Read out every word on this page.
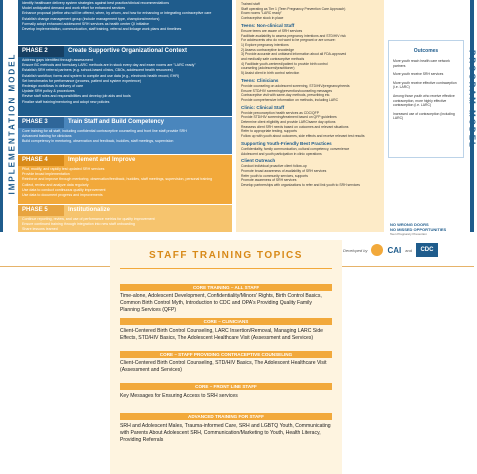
IMPLEMENTATION MODEL	PROGRAM MODEL
Identify healthcare delivery system strategies against best practice/clinical recommendations
Model anticipated demand and work effort for enhanced services
Enhance proposal (define who will be offered, when, by whom, and how for enhancing or integrating contraceptive care
Establish change management group (include management type, champions/mentors)
Formally adopt enhanced adolescent SRH services as health center QI initiative
Develop implementation, communication, staff training, referral and linkage work plans and timelines
PHASE 2	Create Supportive Organizational Context
Address gaps identified through assessment
Ensure BC methods and formulary LARC methods are in stock every day and exam rooms are "LARC ready"
Establish SRH referral partners (e.g. school-based clinics, CBOs, adolescent health resources)
Establish workflow, forms and system to compile and use data (e.g., electronic health record, EHR)
Set benchmarks for performance (process, patient and system experience)
Redesign workflows in delivery of care
Update SRH policy & procedures
Revise staff roles and responsibilities and develop job aids and tools
Finalize staff training/mentoring and adopt new policies
PHASE 3	Train Staff and Build Competency
Core training for all staff, including confidential contraceptive counseling and front line staff provide SRH
Advanced training for clinicians
Build competency in mentoring, observation and feedback, huddles, staff meetings, supervision
PHASE 4	Implement and Improve
Pilot, modify, and rapidly test updated SRH services
Provide broad implementation
Reinforce and improve through mentoring, observation/feedback, huddles, staff meetings, supervision, personal training
Collect, review and analyze data regularly
Use data to conduct continuous quality improvement
Use data to document progress and improvements
PHASE 5	Institutionalize
Continue reporting, review, and use of performance metrics for quality improvement
Ensure continued training through integration into new staff onboarding
Share lessons learned
Trained staff
Staff operating as Tier 1 (Teen Pregnancy Prevention Care Approach)
Exam rooms "LARC ready"
Contraceptive stock in place
Teens: Non-clinical Staff
Ensure teens are aware of SRH services
Facilitate availability to assess pregnancy intentions and STD/HIV risk
For adolescents who do not want to be pregnant or are unsure:
1) Explore pregnancy intentions
2) Assess contraceptive knowledge
3) Provide accurate and unbiased information about all FDA-approved
and medically safe contraceptive methods
4) Facilitate youth-centered/patient to provide birth control
counseling (adolescent/practitioner)
5) Assist client in birth control selection
Teens: Clinicians
Provide counseling on adolescent screening, STD/HIV/pregnancy/needs
Ensure STD/HIV screening/prevention/counseling messages
Contraceptive visit with same-day methods, prescribing etc.
Provide comprehensive information on methods, including LARC
Clinic: Clinical Staff
Provide preconception health services as CDC/QFP
Provide STD/HIV screening/treatment based on QFP guidelines
Determine client eligibility and provide LARC/same day options
Reassess client SRH needs based on outcomes and relevant situations
Refer to appropriate testing, supports
Follow up with youth about outcomes, side effects and receive relevant test results
Supporting Youth-Friendly Best Practices
Confidentiality, family communication, cultural competency, convenience
Adolescent and youth participation in clinic operations
Client Outreach
Conduct individual proactive client follow-up
Promote broad awareness of availability of SRH services
Refer youth to community services, supports
Promote awareness of SRH services
Develop partnerships with organizations to refer and link youth to SRH services
Outcomes
More youth reach health care network partners
More youth receive SRH services
More youth receive effective contraception (i.e. LARC)
Among those youth who receive effective contraception, more highly effective contraception (i.e. LARC)
Increased use of contraception (including LARC)
NO WRONG DOORS
NO MISSED OPPORTUNITIES
Teen Pregnancy Prevention
Developed by	CAI and	CDC
STAFF TRAINING TOPICS
CORE TRAINING – ALL STAFF
Time-alone, Adolescent Development, Confidentiality/Minors' Rights, Birth Control Basics, Common Birth Control Myth, Introduction to CDC and OPA's Providing Quality Family Planning Services (QFP)
CORE – CLINICIANS
Client-Centered Birth Control Counseling, LARC Insertion/Removal, Managing LARC Side Effects, STD/HIV Basics, The Adolescent Healthcare Visit (Assessment and Services)
CORE – STAFF PROVIDING CONTRACEPTIVE COUNSELING
Client-Centered Birth Control Counseling, STD/HIV Basics, The Adolescent Healthcare Visit (Assessment and Services)
CORE – FRONT LINE STAFF
Key Messages for Ensuring Access to SRH services
ADVANCED TRAINING FOR STAFF
SRH and Adolescent Males, Trauma-informed Care, SRH and LGBTQ Youth, Communicating with Parents About Adolescent SRH, Communication/Marketing to Youth, Health Literacy, Providing Referrals
